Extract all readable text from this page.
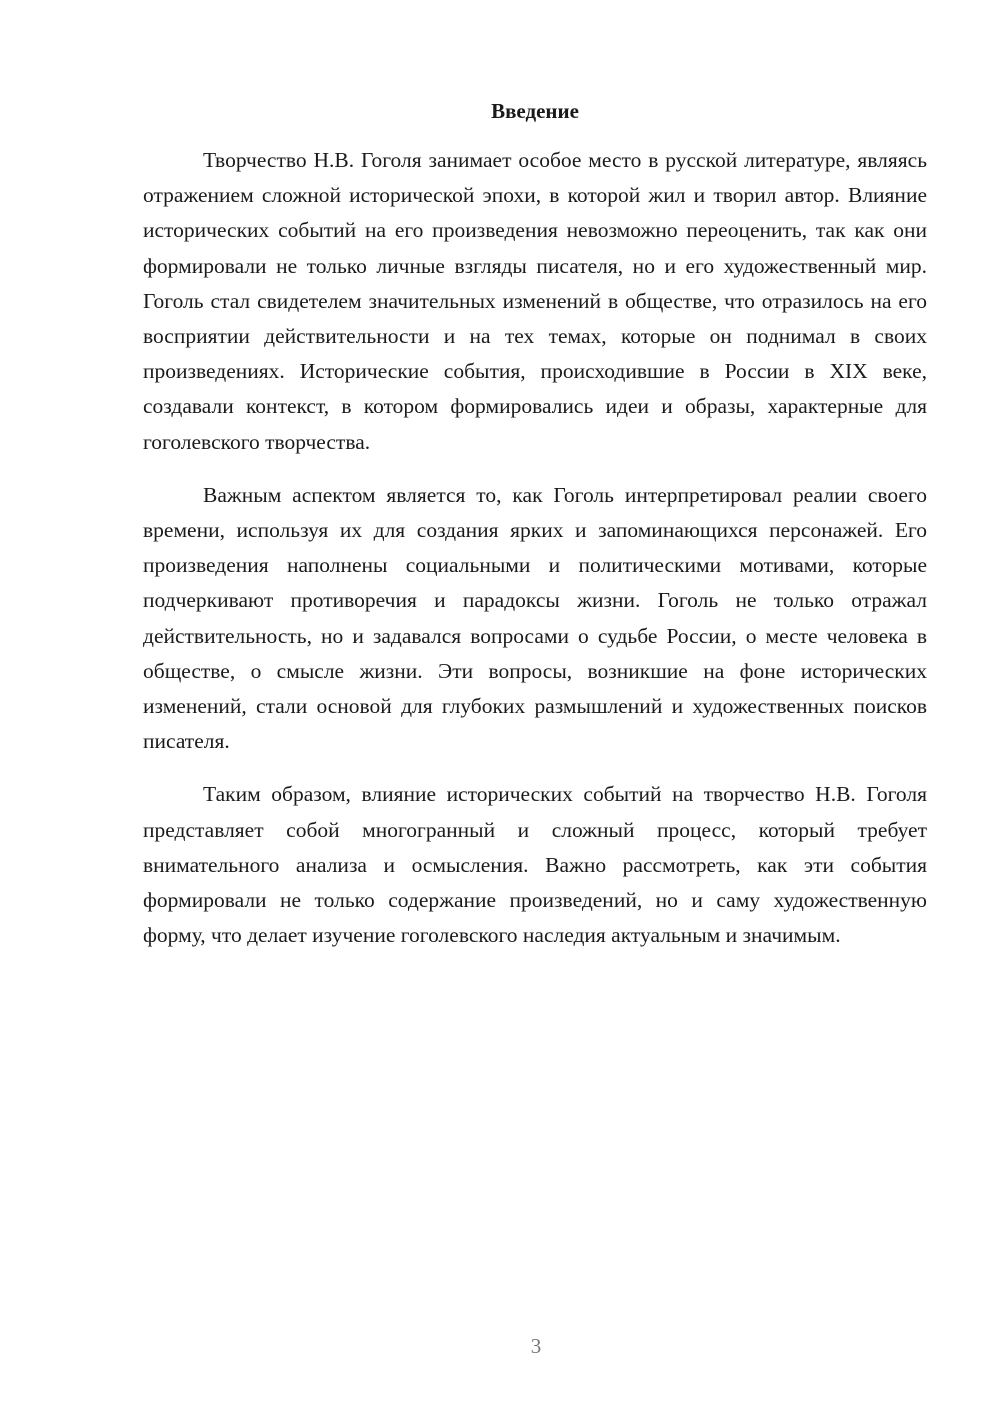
Введение

Творчество Н.В. Гоголя занимает особое место в русской литературе, являясь отражением сложной исторической эпохи, в которой жил и творил автор. Влияние исторических событий на его произведения невозможно переоценить, так как они формировали не только личные взгляды писателя, но и его художественный мир. Гоголь стал свидетелем значительных изменений в обществе, что отразилось на его восприятии действительности и на тех темах, которые он поднимал в своих произведениях. Исторические события, происходившие в России в XIX веке, создавали контекст, в котором формировались идеи и образы, характерные для гоголевского творчества.

Важным аспектом является то, как Гоголь интерпретировал реалии своего времени, используя их для создания ярких и запоминающихся персонажей. Его произведения наполнены социальными и политическими мотивами, которые подчеркивают противоречия и парадоксы жизни. Гоголь не только отражал действительность, но и задавался вопросами о судьбе России, о месте человека в обществе, о смысле жизни. Эти вопросы, возникшие на фоне исторических изменений, стали основой для глубоких размышлений и художественных поисков писателя.

Таким образом, влияние исторических событий на творчество Н.В. Гоголя представляет собой многогранный и сложный процесс, который требует внимательного анализа и осмысления. Важно рассмотреть, как эти события формировали не только содержание произведений, но и саму художественную форму, что делает изучение гоголевского наследия актуальным и значимым.

3
